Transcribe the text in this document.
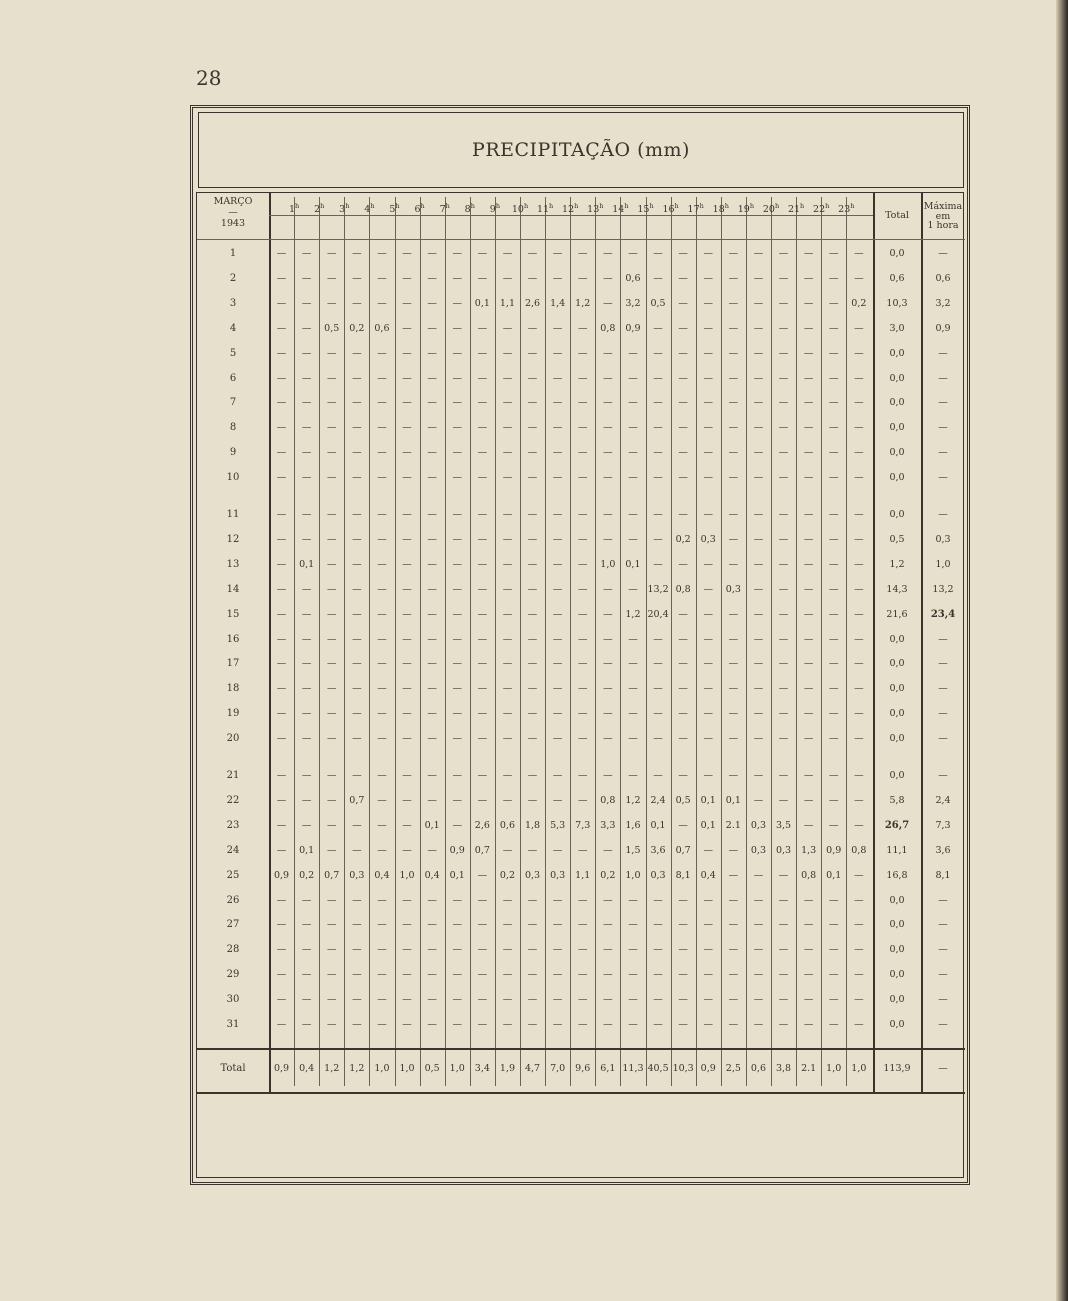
28
PRECIPITAÇÃO (mm)
MARÇO
—
1943
Total
Máxima
em
1 hora
1$^h$	2$^h$	3$^h$	4$^h$	5$^h$	6$^h$	7$^h$	8$^h$	9$^h$	10$^h$ 11$^h$ 12$^h$ 13$^h$ 14$^h$ 15$^h$ 16$^h$ 17$^h$ 18$^h$ 19$^h$ 20$^h$ 21$^h$ 22$^h$ 23$^h$
1	—	—	—	—	—	—	—	—	—	—	—	—	—	—	—	—	—	—	—	—	—	—	—	—	0,0	—
2	—	—	—	—	—	—	—	—	—	—	—	—	—	—	0,6	—	—	—	—	—	—	—	—	—	0,6	0,6
3	—	—	—	—	—	—	—	—	0,1	1,1	2,6	1,4	1,2	—	3,2	0,5	—	—	—	—	—	—	—	0,2	10,3	3,2
4	—	—	0,5	0,2	0,6	—	—	—	—	—	—	—	—	0,8	0,9	—	—	—	—	—	—	—	—	—	3,0	0,9
5	—	—	—	—	—	—	—	—	—	—	—	—	—	—	—	—	—	—	—	—	—	—	—	—	0,0	—
6	—	—	—	—	—	—	—	—	—	—	—	—	—	—	—	—	—	—	—	—	—	—	—	—	0,0	—
7	—	—	—	—	—	—	—	—	—	—	—	—	—	—	—	—	—	—	—	—	—	—	—	—	0,0	—
8	—	—	—	—	—	—	—	—	—	—	—	—	—	—	—	—	—	—	—	—	—	—	—	—	0,0	—
9	—	—	—	—	—	—	—	—	—	—	—	—	—	—	—	—	—	—	—	—	—	—	—	—	0,0	—
10	—	—	—	—	—	—	—	—	—	—	—	—	—	—	—	—	—	—	—	—	—	—	—	—	0,0	—
11	—	—	—	—	—	—	—	—	—	—	—	—	—	—	—	—	—	—	—	—	—	—	—	—	0,0	—
12	—	—	—	—	—	—	—	—	—	—	—	—	—	—	—	—	0,2	0,3	—	—	—	—	—	—	0,5	0,3
13	—	0,1	—	—	—	—	—	—	—	—	—	—	—	1,0	0,1	—	—	—	—	—	—	—	—	—	1,2	1,0
14	—	—	—	—	—	—	—	—	—	—	—	—	—	—	—	13,2 0,8	—	0,3	—	—	—	—	—	14,3	13,2
15	—	—	—	—	—	—	—	—	—	—	—	—	—	—	1,2 20,4	—	—	—	—	—	—	—	—	21,6	23,4
16	—	—	—	—	—	—	—	—	—	—	—	—	—	—	—	—	—	—	—	—	—	—	—	—	0,0	—
17	—	—	—	—	—	—	—	—	—	—	—	—	—	—	—	—	—	—	—	—	—	—	—	—	0,0	—
18	—	—	—	—	—	—	—	—	—	—	—	—	—	—	—	—	—	—	—	—	—	—	—	—	0,0	—
19	—	—	—	—	—	—	—	—	—	—	—	—	—	—	—	—	—	—	—	—	—	—	—	—	0,0	—
20	—	—	—	—	—	—	—	—	—	—	—	—	—	—	—	—	—	—	—	—	—	—	—	—	0,0	—
21	—	—	—	—	—	—	—	—	—	—	—	—	—	—	—	—	—	—	—	—	—	—	—	—	0,0	—
22	—	—	—	0,7	—	—	—	—	—	—	—	—	—	0,8	1,2	2,4	0,5	0,1	0,1	—	—	—	—	—	5,8	2,4
23	—	—	—	—	—	—	0,1	—	2,6	0,6	1,8	5,3	7,3	3,3	1,6	0,1	—	0,1	2.1	0,3	3,5	—	—	—	26,7	7,3
24	—	0,1	—	—	—	—	—	0,9	0,7	—	—	—	—	—	1,5	3,6	0,7	—	—	0,3	0,3	1,3	0,9	0,8	11,1	3,6
25	0,9	0,2	0,7	0,3	0,4	1,0	0,4	0,1	—	0,2	0,3	0,3	1,1	0,2	1,0	0,3	8,1	0,4	—	—	—	0,8	0,1	—	16,8	8,1
26	—	—	—	—	—	—	—	—	—	—	—	—	—	—	—	—	—	—	—	—	—	—	—	—	0,0	—
27	—	—	—	—	—	—	—	—	—	—	—	—	—	—	—	—	—	—	—	—	—	—	—	—	0,0	—
28	—	—	—	—	—	—	—	—	—	—	—	—	—	—	—	—	—	—	—	—	—	—	—	—	0,0	—
29	—	—	—	—	—	—	—	—	—	—	—	—	—	—	—	—	—	—	—	—	—	—	—	—	0,0	—
30	—	—	—	—	—	—	—	—	—	—	—	—	—	—	—	—	—	—	—	—	—	—	—	—	0,0	—
31	—	—	—	—	—	—	—	—	—	—	—	—	—	—	—	—	—	—	—	—	—	—	—	—	0,0	—
Total	0,9	0,4	1,2	1,2	1,0	1,0	0,5	1,0	3,4	1,9	4,7	7,0	9,6	6,1 11,3 40,5 10,3 0,9	2,5	0,6	3,8	2.1	1,0	1,0	113,9	—
